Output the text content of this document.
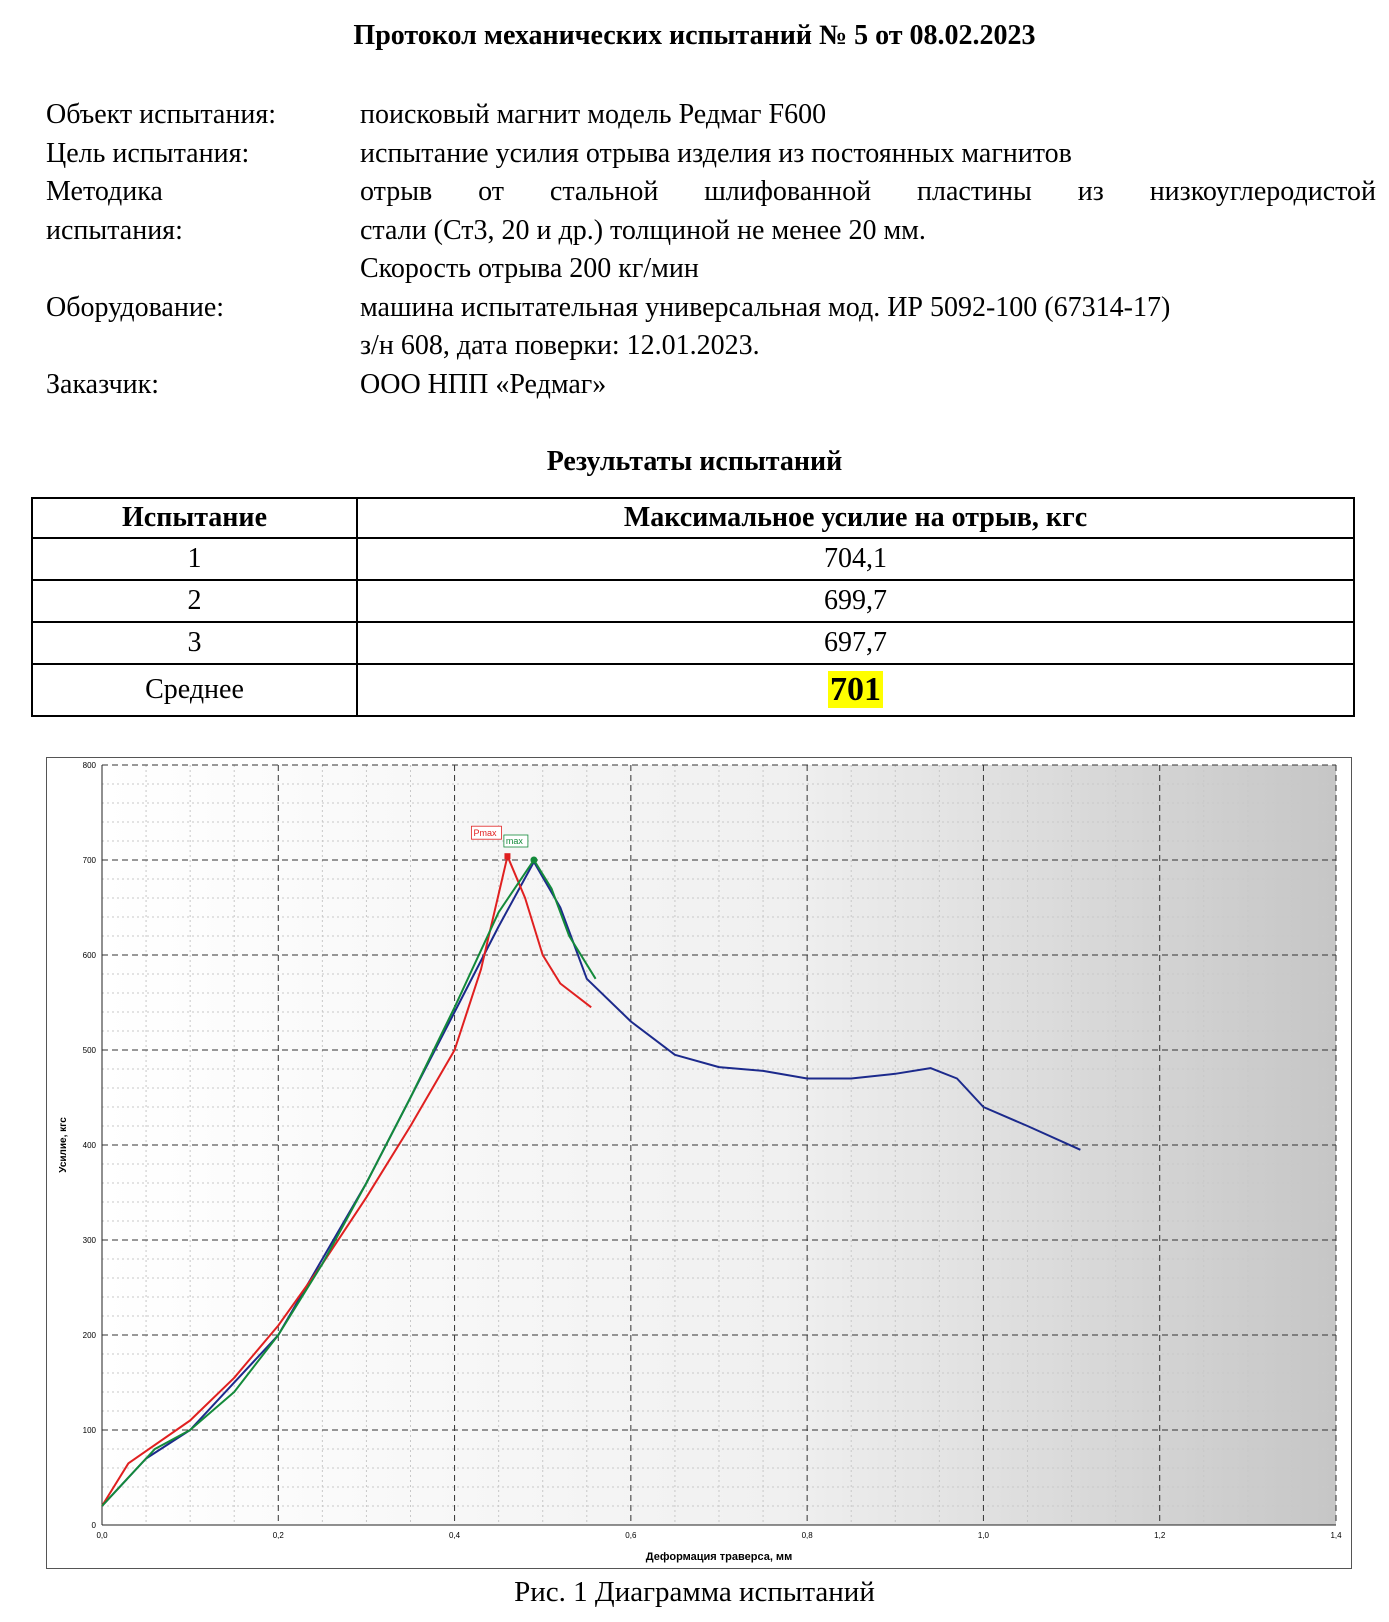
Протокол механических испытаний № 5 от 08.02.2023
Объект испытания:	поисковый магнит модель Редмаг F600
Цель испытания:	испытание усилия отрыва изделия из постоянных магнитов
Методика	отрыв от стальной шлифованной пластины из низкоуглеродистой
испытания:	стали (Ст3, 20 и др.) толщиной не менее 20 мм.
Скорость отрыва 200 кг/мин
Оборудование:	машина испытательная универсальная мод. ИР 5092-100 (67314-17)
з/н 608, дата поверки: 12.01.2023.
Заказчик:	ООО НПП «Редмаг»
Результаты испытаний
Испытание	Максимальное усилие на отрыв, кгс
1	704,1
2	699,7
3	697,7
Среднее	701
0
100
200
300
400
500
600
700
800
0,0	0,2	0,4	0,6	0,8	1,0	1,2	1,4
Pmax
max
Деформация траверса, мм
Усилие, кгс
Рис. 1 Диаграмма испытаний
